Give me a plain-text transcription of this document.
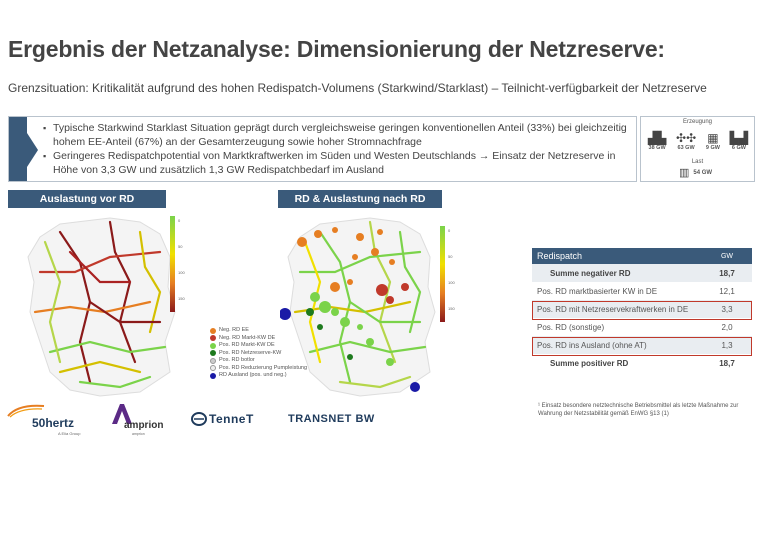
Ergebnis der Netzanalyse: Dimensionierung der Netzreserve:
Grenzsituation: Kritikalität aufgrund des hohen Redispatch-Volumens (Starkwind/Starklast) – Teilnicht-verfügbarkeit der Netzreserve
▪ Typische Starkwind Starklast Situation geprägt durch vergleichsweise geringen konventionellen Anteil (33%) bei gleichzeitig hohem EE-Anteil (67%) an der Gesamterzeugung sowie hoher Stromnachfrage
▪ Geringeres Redispatchpotential von Marktkraftwerken im Süden und Westen Deutschlands → Einsatz der Netzreserve in Höhe von 3,3 GW und zusätzlich 1,3 GW Redispatchbedarf im Ausland
Erzeugung
▟▙
38 GW
✣✣
63 GW
▦
9 GW
▙▟
6 GW
Last
▥ 54 GW
Auslastung vor RD	RD & Auslastung nach RD
0
50
100
150
0
50
100
150
Neg. RD EE
Neg. RD Markt-KW DE
Pos. RD Markt-KW DE
Pos. RD Netzreserve-KW
Pos. RD botlor
Pos. RD Reduzierung Pumpleistung
RD Ausland (pos. und neg.)
Redispatch	GW
Summe negativer RD	18,7
Pos. RD marktbasierter KW in DE	12,1
Pos. RD mit Netzreservekraftwerken in DE	3,3
Pos. RD (sonstige)	2,0
Pos. RD ins Ausland (ohne AT)	1,3
Summe positiver RD	18,7
¹ Einsatz besondere netztechnische Betriebsmittel als letzte Maßnahme zur Wahrung der Netzstabilität gemäß EnWG §13 (1)
50hertz
A Elia Group
amprion
amprion
TenneT	TRANSNET BW
